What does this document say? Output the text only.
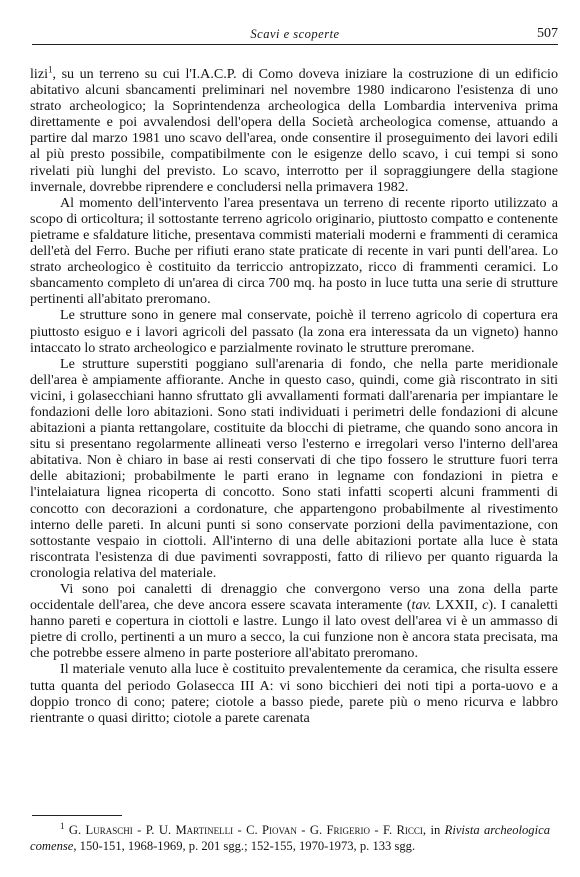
Scavi e scoperte	507

lizi$^1$, su un terreno su cui l'I.A.C.P. di Como doveva iniziare la costruzione di un edificio abitativo alcuni sbancamenti preliminari nel novembre 1980 indicarono l'esistenza di uno strato archeologico; la Soprintendenza archeologica della Lombardia interveniva prima direttamente e poi avvalendosi dell'opera della Società archeologica comense, attuando a partire dal marzo 1981 uno scavo dell'area, onde consentire il proseguimento dei lavori edili al più presto possibile, compatibilmente con le esigenze dello scavo, i cui tempi si sono rivelati più lunghi del previsto. Lo scavo, interrotto per il sopraggiungere della stagione invernale, dovrebbe riprendere e concludersi nella primavera 1982.

Al momento dell'intervento l'area presentava un terreno di recente riporto utilizzato a scopo di orticoltura; il sottostante terreno agricolo originario, piuttosto compatto e contenente pietrame e sfaldature litiche, presentava commisti materiali moderni e frammenti di ceramica dell'età del Ferro. Buche per rifiuti erano state praticate di recente in vari punti dell'area. Lo strato archeologico è costituito da terriccio antropizzato, ricco di frammenti ceramici. Lo sbancamento completo di un'area di circa 700 mq. ha posto in luce tutta una serie di strutture pertinenti all'abitato preromano.

Le strutture sono in genere mal conservate, poichè il terreno agricolo di copertura era piuttosto esiguo e i lavori agricoli del passato (la zona era interessata da un vigneto) hanno intaccato lo strato archeologico e parzialmente rovinato le strutture preromane.

Le strutture superstiti poggiano sull'arenaria di fondo, che nella parte meridionale dell'area è ampiamente affiorante. Anche in questo caso, quindi, come già riscontrato in siti vicini, i golasecchiani hanno sfruttato gli avvallamenti formati dall'arenaria per impiantare le fondazioni delle loro abitazioni. Sono stati individuati i perimetri delle fondazioni di alcune abitazioni a pianta rettangolare, costituite da blocchi di pietrame, che quando sono ancora in situ si presentano regolarmente allineati verso l'esterno e irregolari verso l'interno dell'area abitativa. Non è chiaro in base ai resti conservati di che tipo fossero le strutture fuori terra delle abitazioni; probabilmente le parti erano in legname con fondazioni in pietra e l'intelaiatura lignea ricoperta di concotto. Sono stati infatti scoperti alcuni frammenti di concotto con decorazioni a cordonature, che appartengono probabilmente al rivestimento interno delle pareti. In alcuni punti si sono conservate porzioni della pavimentazione, con sottostante vespaio in ciottoli. All'interno di una delle abitazioni portate alla luce è stata riscontrata l'esistenza di due pavimenti sovrapposti, fatto di rilievo per quanto riguarda la cronologia relativa del materiale.

Vi sono poi canaletti di drenaggio che convergono verso una zona della parte occidentale dell'area, che deve ancora essere scavata interamente (tav. LXXII, c). I canaletti hanno pareti e copertura in ciottoli e lastre. Lungo il lato ovest dell'area vi è un ammasso di pietre di crollo, pertinenti a un muro a secco, la cui funzione non è ancora stata precisata, ma che potrebbe essere almeno in parte posteriore all'abitato preromano.

Il materiale venuto alla luce è costituito prevalentemente da ceramica, che risulta essere tutta quanta del periodo Golasecca III A: vi sono bicchieri dei noti tipi a porta-uovo e a doppio tronco di cono; patere; ciotole a basso piede, parete più o meno ricurva e labbro rientrante o quasi diritto; ciotole a parete carenata

$^1$ G. Luraschi - P. U. Martinelli - C. Piovan - G. Frigerio - F. Ricci, in Rivista archeologica comense, 150-151, 1968-1969, p. 201 sgg.; 152-155, 1970-1973, p. 133 sgg.
